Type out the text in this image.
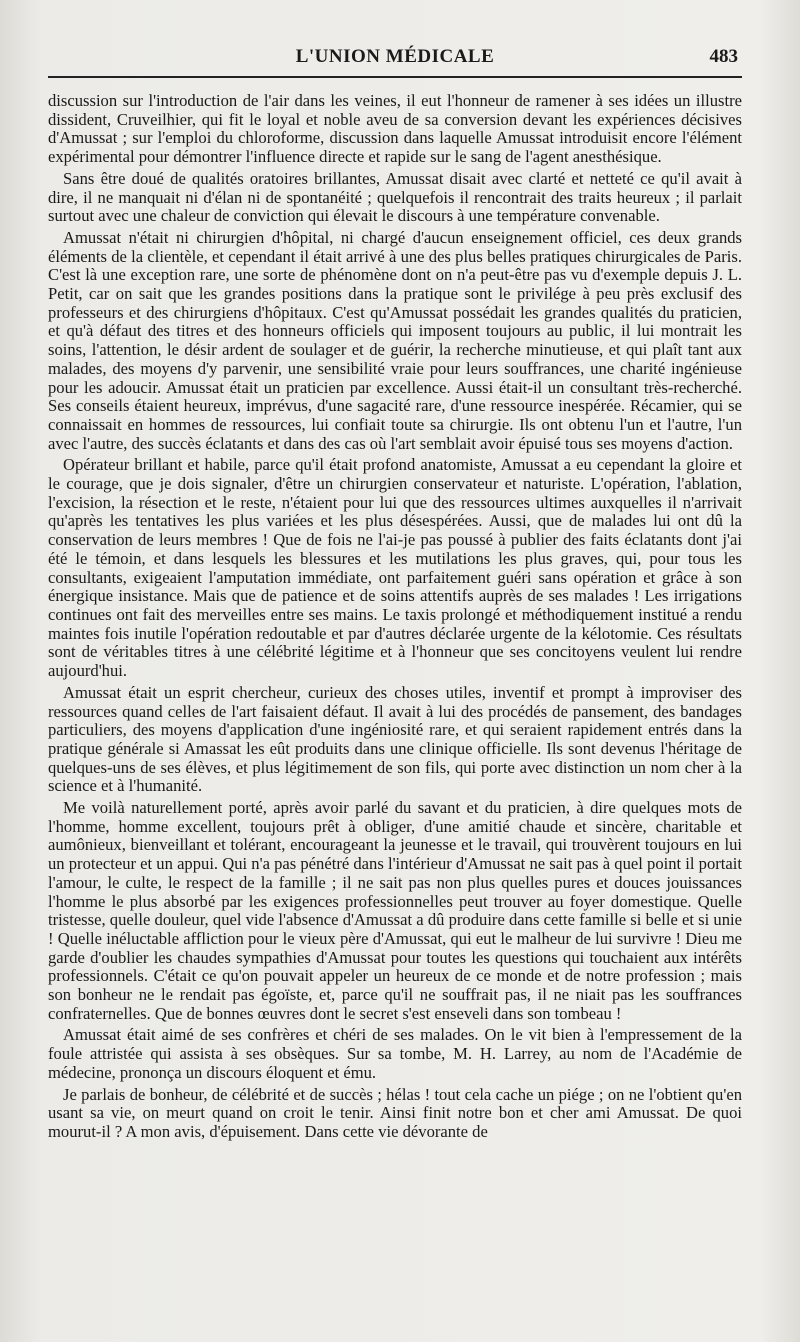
L'UNION MÉDICALE	483

discussion sur l'introduction de l'air dans les veines, il eut l'honneur de ramener à ses idées un illustre dissident, Cruveilhier, qui fit le loyal et noble aveu de sa conversion devant les expériences décisives d'Amussat ; sur l'emploi du chloroforme, discussion dans laquelle Amussat introduisit encore l'élément expérimental pour démontrer l'influence directe et rapide sur le sang de l'agent anesthésique.

Sans être doué de qualités oratoires brillantes, Amussat disait avec clarté et netteté ce qu'il avait à dire, il ne manquait ni d'élan ni de spontanéité ; quelquefois il rencontrait des traits heureux ; il parlait surtout avec une chaleur de conviction qui élevait le discours à une température convenable.

Amussat n'était ni chirurgien d'hôpital, ni chargé d'aucun enseignement officiel, ces deux grands éléments de la clientèle, et cependant il était arrivé à une des plus belles pratiques chirurgicales de Paris. C'est là une exception rare, une sorte de phénomène dont on n'a peut-être pas vu d'exemple depuis J. L. Petit, car on sait que les grandes positions dans la pratique sont le privilége à peu près exclusif des professeurs et des chirurgiens d'hôpitaux. C'est qu'Amussat possédait les grandes qualités du praticien, et qu'à défaut des titres et des honneurs officiels qui imposent toujours au public, il lui montrait les soins, l'attention, le désir ardent de soulager et de guérir, la recherche minutieuse, et qui plaît tant aux malades, des moyens d'y parvenir, une sensibilité vraie pour leurs souffrances, une charité ingénieuse pour les adoucir. Amussat était un praticien par excellence. Aussi était-il un consultant très-recherché. Ses conseils étaient heureux, imprévus, d'une sagacité rare, d'une ressource inespérée. Récamier, qui se connaissait en hommes de ressources, lui confiait toute sa chirurgie. Ils ont obtenu l'un et l'autre, l'un avec l'autre, des succès éclatants et dans des cas où l'art semblait avoir épuisé tous ses moyens d'action.

Opérateur brillant et habile, parce qu'il était profond anatomiste, Amussat a eu cependant la gloire et le courage, que je dois signaler, d'être un chirurgien conservateur et naturiste. L'opération, l'ablation, l'excision, la résection et le reste, n'étaient pour lui que des ressources ultimes auxquelles il n'arrivait qu'après les tentatives les plus variées et les plus désespérées. Aussi, que de malades lui ont dû la conservation de leurs membres ! Que de fois ne l'ai-je pas poussé à publier des faits éclatants dont j'ai été le témoin, et dans lesquels les blessures et les mutilations les plus graves, qui, pour tous les consultants, exigeaient l'amputation immédiate, ont parfaitement guéri sans opération et grâce à son énergique insistance. Mais que de patience et de soins attentifs auprès de ses malades ! Les irrigations continues ont fait des merveilles entre ses mains. Le taxis prolongé et méthodiquement institué a rendu maintes fois inutile l'opération redoutable et par d'autres déclarée urgente de la kélotomie. Ces résultats sont de véritables titres à une célébrité légitime et à l'honneur que ses concitoyens veulent lui rendre aujourd'hui.

Amussat était un esprit chercheur, curieux des choses utiles, inventif et prompt à improviser des ressources quand celles de l'art faisaient défaut. Il avait à lui des procédés de pansement, des bandages particuliers, des moyens d'application d'une ingéniosité rare, et qui seraient rapidement entrés dans la pratique générale si Amassat les eût produits dans une clinique officielle. Ils sont devenus l'héritage de quelques-uns de ses élèves, et plus légitimement de son fils, qui porte avec distinction un nom cher à la science et à l'humanité.

Me voilà naturellement porté, après avoir parlé du savant et du praticien, à dire quelques mots de l'homme, homme excellent, toujours prêt à obliger, d'une amitié chaude et sincère, charitable et aumônieux, bienveillant et tolérant, encourageant la jeunesse et le travail, qui trouvèrent toujours en lui un protecteur et un appui. Qui n'a pas pénétré dans l'intérieur d'Amussat ne sait pas à quel point il portait l'amour, le culte, le respect de la famille ; il ne sait pas non plus quelles pures et douces jouissances l'homme le plus absorbé par les exigences professionnelles peut trouver au foyer domestique. Quelle tristesse, quelle douleur, quel vide l'absence d'Amussat a dû produire dans cette famille si belle et si unie ! Quelle inéluctable affliction pour le vieux père d'Amussat, qui eut le malheur de lui survivre ! Dieu me garde d'oublier les chaudes sympathies d'Amussat pour toutes les questions qui touchaient aux intérêts professionnels. C'était ce qu'on pouvait appeler un heureux de ce monde et de notre profession ; mais son bonheur ne le rendait pas égoïste, et, parce qu'il ne souffrait pas, il ne niait pas les souffrances confraternelles. Que de bonnes œuvres dont le secret s'est enseveli dans son tombeau !

Amussat était aimé de ses confrères et chéri de ses malades. On le vit bien à l'empressement de la foule attristée qui assista à ses obsèques. Sur sa tombe, M. H. Larrey, au nom de l'Académie de médecine, prononça un discours éloquent et ému.

Je parlais de bonheur, de célébrité et de succès ; hélas ! tout cela cache un piége ; on ne l'obtient qu'en usant sa vie, on meurt quand on croit le tenir. Ainsi finit notre bon et cher ami Amussat. De quoi mourut-il ? A mon avis, d'épuisement. Dans cette vie dévorante de
